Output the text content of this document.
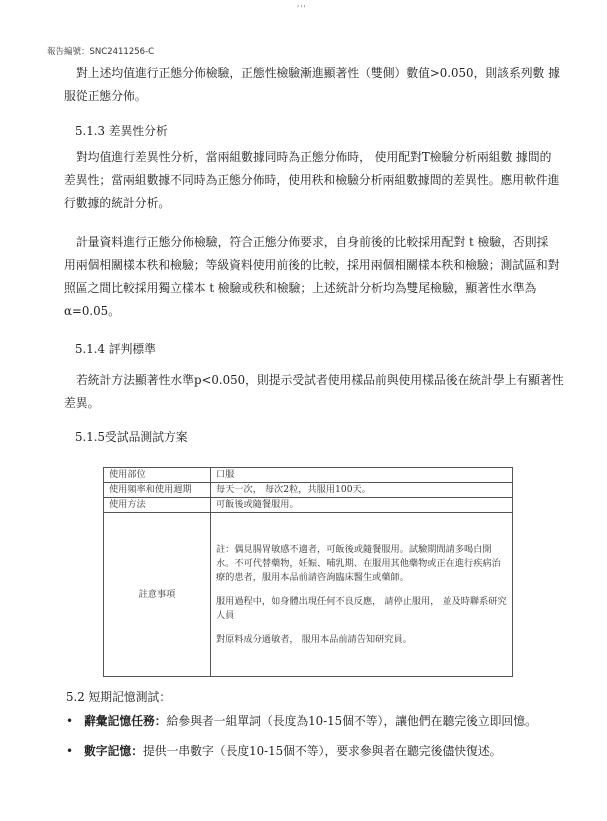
'''
報告編號：SNC2411256-C
對上述均值進行正態分佈檢驗，正態性檢驗漸進顯著性（雙側）數值>0.050，則該系列數 據
服從正態分佈。
5.1.3 差異性分析
對均值進行差異性分析，當兩組數據同時為正態分佈時， 使用配對T檢驗分析兩組數 據間的
差異性；當兩組數據不同時為正態分佈時，使用秩和檢驗分析兩組數據間的差異性。應用軟件進
行數據的統計分析。
計量資料進行正態分佈檢驗，符合正態分佈要求，自身前後的比較採用配對 t 檢驗，否則採
用兩個相關樣本秩和檢驗；等級資料使用前後的比較，採用兩個相關樣本秩和檢驗；測試區和對
照區之間比較採用獨立樣本 t 檢驗或秩和檢驗；上述統計分析均為雙尾檢驗，顯著性水準為
α=0.05。
5.1.4 評判標準
若統計方法顯著性水準p<0.050，則提示受試者使用樣品前與使用樣品後在統計學上有顯著性
差異。
5.1.5受試品測試方案
使用部位	口服
使用頻率和使用週期	每天一次， 每次2粒，共服用100天。
使用方法	可飯後或隨餐服用。
註意事項	註：偶見腸胃敏感不適者，可飯後或隨餐服用。試驗期間請多喝白開水。不可代替藥物，妊娠、哺乳期、在服用其他藥物或正在進行疾病治療的患者，服用本品前請咨詢臨床醫生或藥師。

服用過程中，如身體出現任何不良反應， 請停止服用， 並及時聯系研究人員

對原料成分過敏者， 服用本品前請告知研究員。

5.2 短期記憶測試：
• 辭彙記憶任務：給參與者一組單詞（長度為10-15個不等），讓他們在聽完後立即回憶。
• 數字記憶：提供一串數字（長度10-15個不等），要求參與者在聽完後儘快復述。
